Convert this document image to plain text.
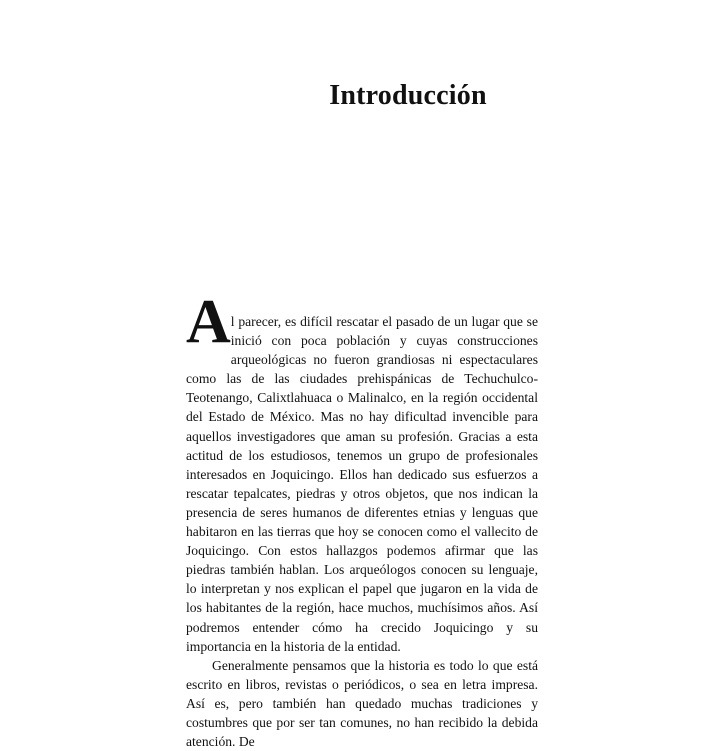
Introducción

Al parecer, es difícil rescatar el pasado de un lugar que se inició con poca población y cuyas construcciones arqueológicas no fueron grandiosas ni espectaculares como las de las ciudades prehispánicas de Techuchulco-Teotenango, Calixtlahuaca o Malinalco, en la región occidental del Estado de México. Mas no hay dificultad invencible para aquellos investigadores que aman su profesión. Gracias a esta actitud de los estudiosos, tenemos un grupo de profesionales interesados en Joquicingo. Ellos han dedicado sus esfuerzos a rescatar tepalcates, piedras y otros objetos, que nos indican la presencia de seres humanos de diferentes etnias y lenguas que habitaron en las tierras que hoy se conocen como el vallecito de Joquicingo. Con estos hallazgos podemos afirmar que las piedras también hablan. Los arqueólogos conocen su lenguaje, lo interpretan y nos explican el papel que jugaron en la vida de los habitantes de la región, hace muchos, muchísimos años. Así podremos entender cómo ha crecido Joquicingo y su importancia en la historia de la entidad.

Generalmente pensamos que la historia es todo lo que está escrito en libros, revistas o periódicos, o sea en letra impresa. Así es, pero también han quedado muchas tradiciones y costumbres que por ser tan comunes, no han recibido la debida atención. De
